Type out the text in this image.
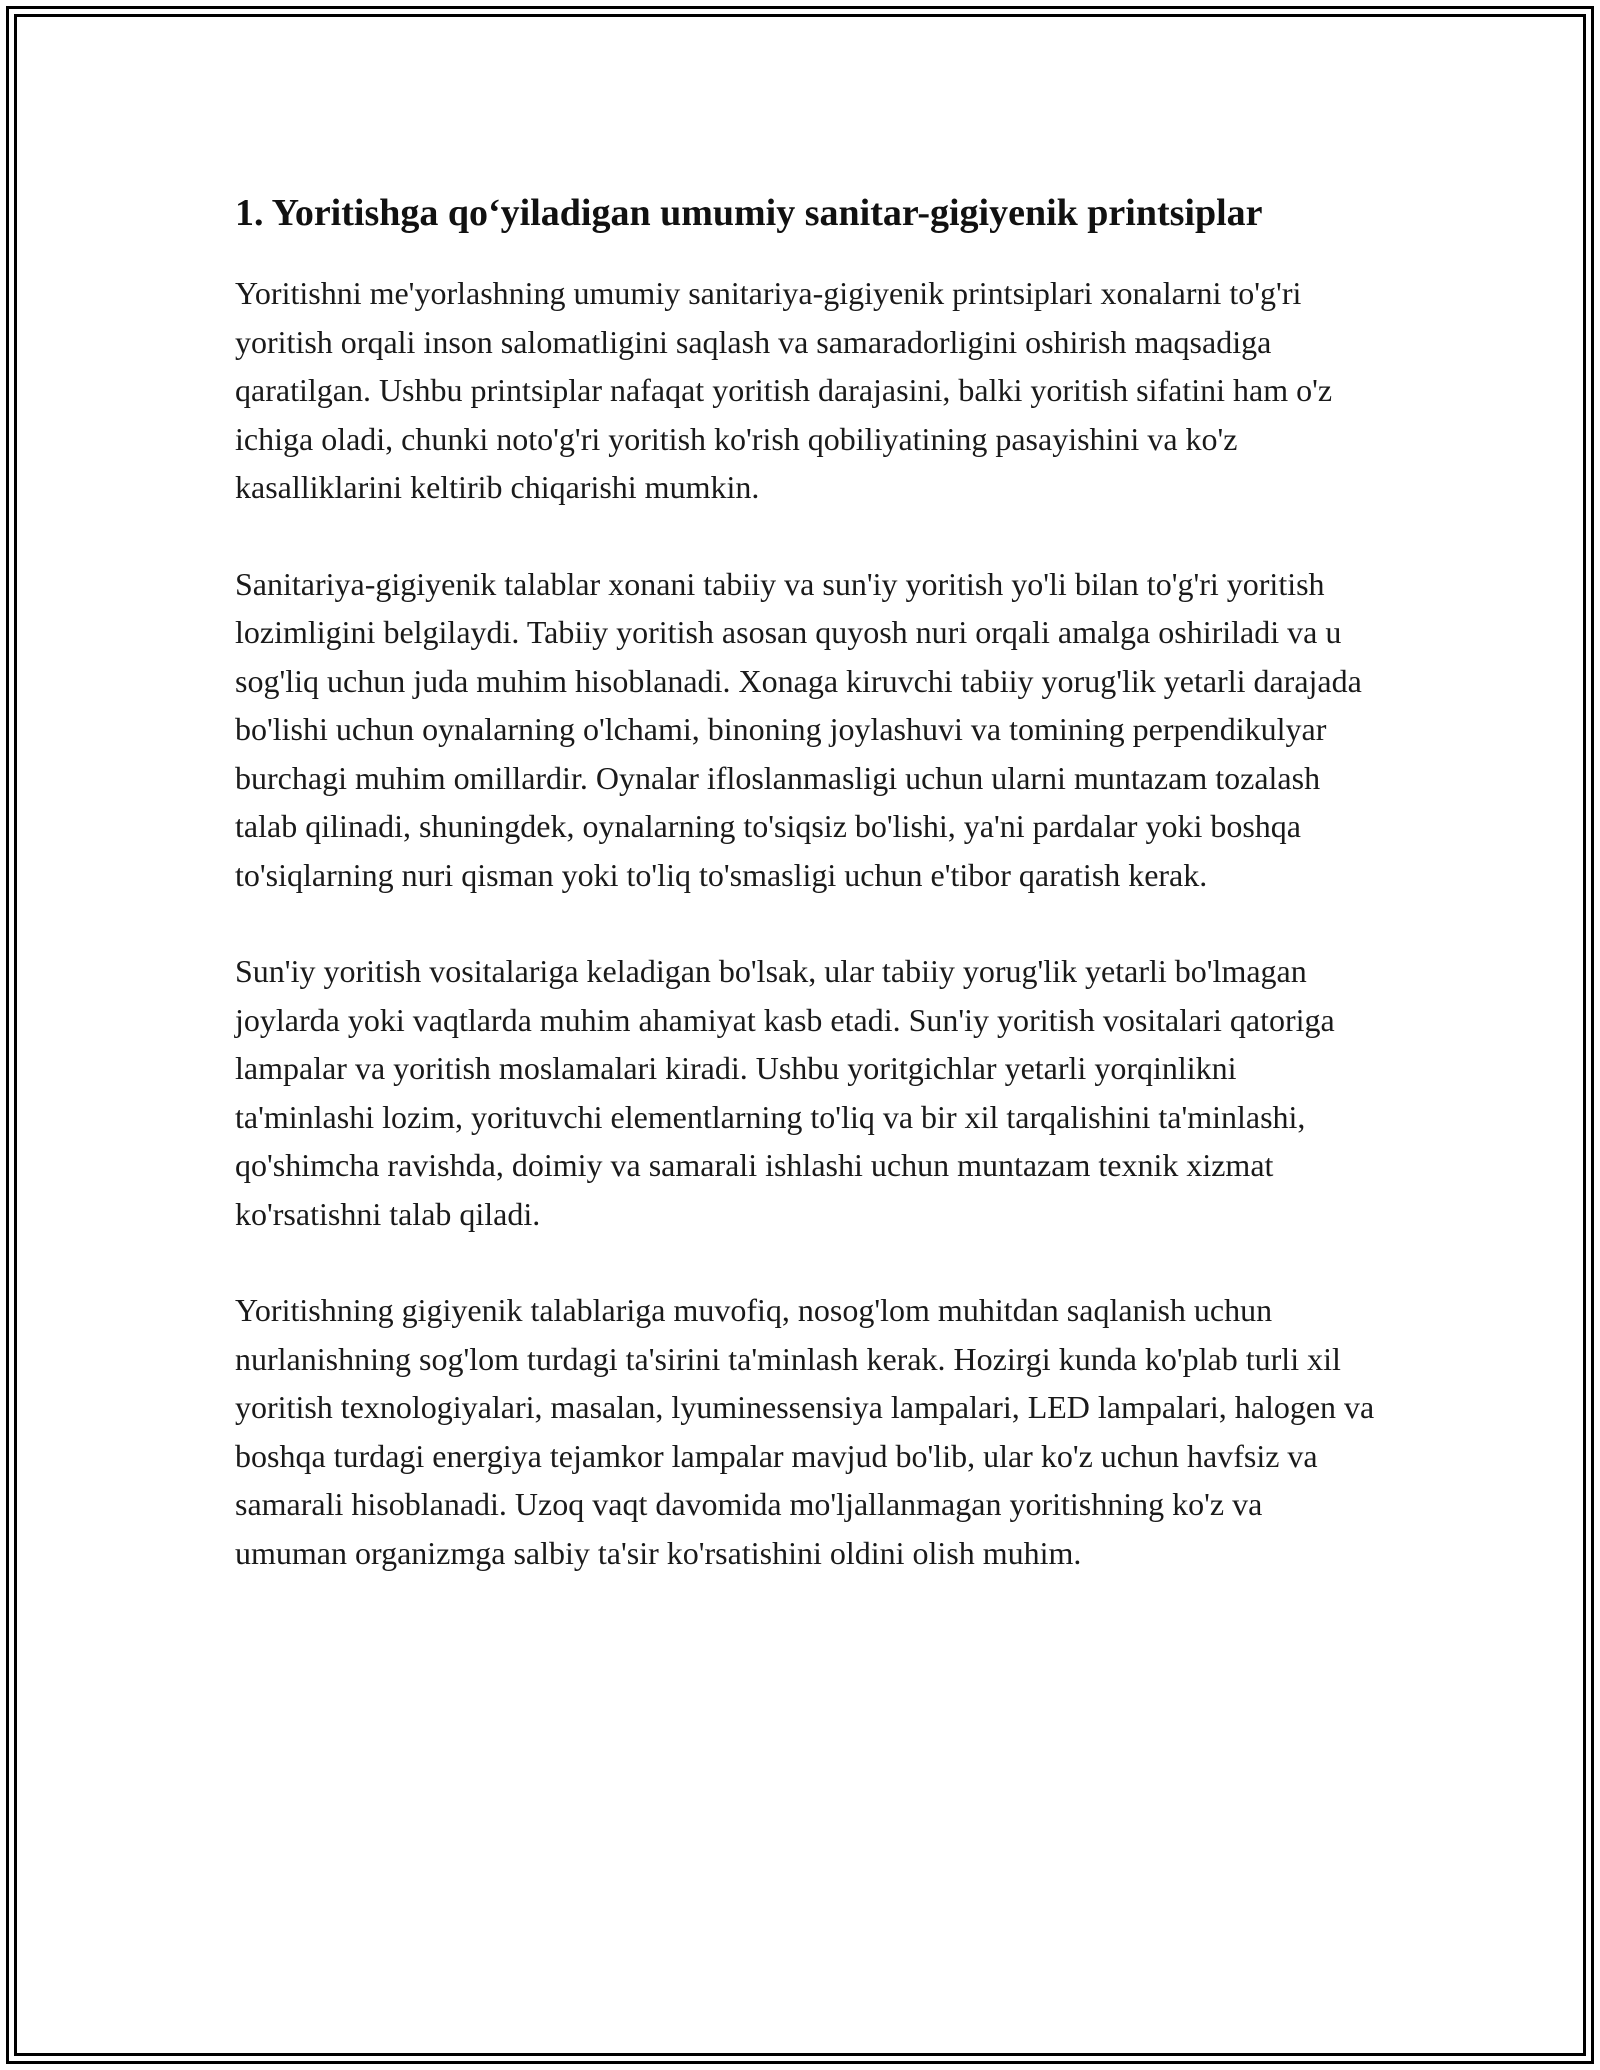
1. Yoritishga qo‘yiladigan umumiy sanitar-gigiyenik printsiplar

Yoritishni me'yorlashning umumiy sanitariya-gigiyenik printsiplari xonalarni to'g'ri yoritish orqali inson salomatligini saqlash va samaradorligini oshirish maqsadiga qaratilgan. Ushbu printsiplar nafaqat yoritish darajasini, balki yoritish sifatini ham o'z ichiga oladi, chunki noto'g'ri yoritish ko'rish qobiliyatining pasayishini va ko'z kasalliklarini keltirib chiqarishi mumkin.

Sanitariya-gigiyenik talablar xonani tabiiy va sun'iy yoritish yo'li bilan to'g'ri yoritish lozimligini belgilaydi. Tabiiy yoritish asosan quyosh nuri orqali amalga oshiriladi va u sog'liq uchun juda muhim hisoblanadi. Xonaga kiruvchi tabiiy yorug'lik yetarli darajada bo'lishi uchun oynalarning o'lchami, binoning joylashuvi va tomining perpendikulyar burchagi muhim omillardir. Oynalar ifloslanmasligi uchun ularni muntazam tozalash talab qilinadi, shuningdek, oynalarning to'siqsiz bo'lishi, ya'ni pardalar yoki boshqa to'siqlarning nuri qisman yoki to'liq to'smasligi uchun e'tibor qaratish kerak.

Sun'iy yoritish vositalariga keladigan bo'lsak, ular tabiiy yorug'lik yetarli bo'lmagan joylarda yoki vaqtlarda muhim ahamiyat kasb etadi. Sun'iy yoritish vositalari qatoriga lampalar va yoritish moslamalari kiradi. Ushbu yoritgichlar yetarli yorqinlikni ta'minlashi lozim, yorituvchi elementlarning to'liq va bir xil tarqalishini ta'minlashi, qo'shimcha ravishda, doimiy va samarali ishlashi uchun muntazam texnik xizmat ko'rsatishni talab qiladi.

Yoritishning gigiyenik talablariga muvofiq, nosog'lom muhitdan saqlanish uchun nurlanishning sog'lom turdagi ta'sirini ta'minlash kerak. Hozirgi kunda ko'plab turli xil yoritish texnologiyalari, masalan, lyuminessensiya lampalari, LED lampalari, halogen va boshqa turdagi energiya tejamkor lampalar mavjud bo'lib, ular ko'z uchun havfsiz va samarali hisoblanadi. Uzoq vaqt davomida mo'ljallanmagan yoritishning ko'z va umuman organizmga salbiy ta'sir ko'rsatishini oldini olish muhim.
